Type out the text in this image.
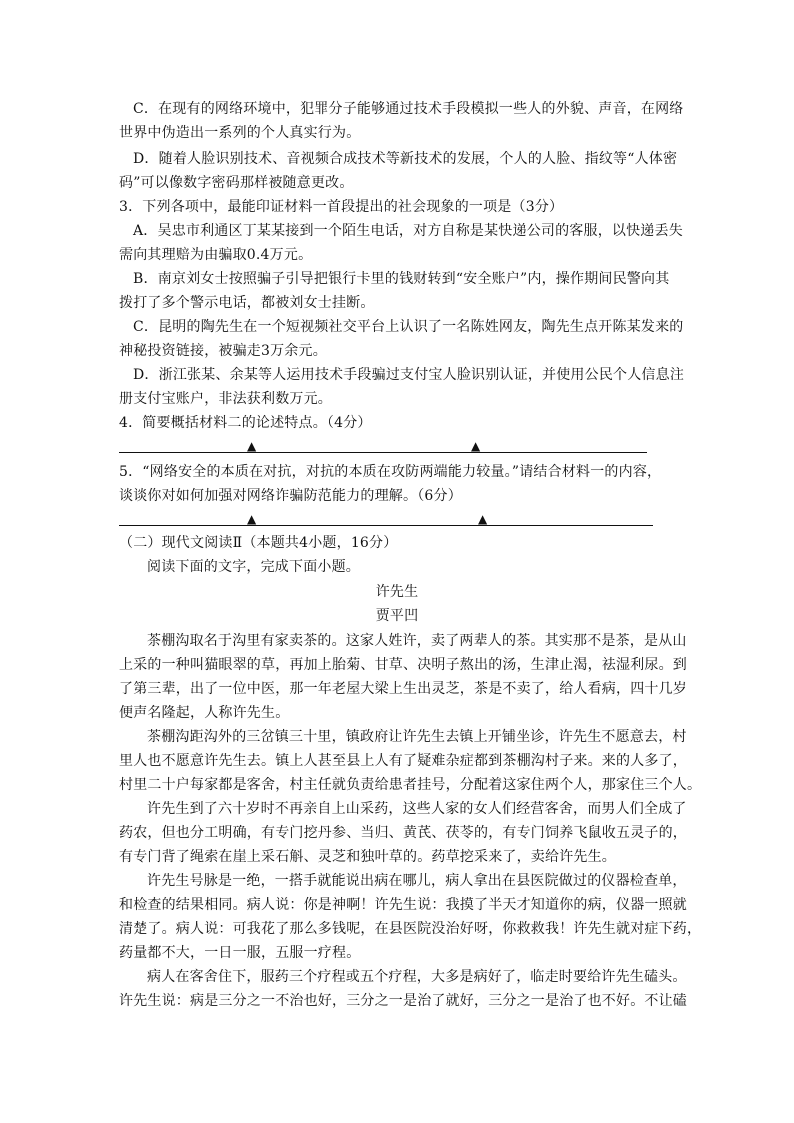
C．在现有的网络环境中，犯罪分子能够通过技术手段模拟一些人的外貌、声音，在网络
世界中伪造出一系列的个人真实行为。
D．随着人脸识别技术、音视频合成技术等新技术的发展，个人的人脸、指纹等“人体密
码”可以像数字密码那样被随意更改。
3．下列各项中，最能印证材料一首段提出的社会现象的一项是（3分）
A．吴忠市利通区丁某某接到一个陌生电话，对方自称是某快递公司的客服，以快递丢失
需向其理赔为由骗取0.4万元。
B．南京刘女士按照骗子引导把银行卡里的钱财转到“安全账户”内，操作期间民警向其
拨打了多个警示电话，都被刘女士挂断。
C．昆明的陶先生在一个短视频社交平台上认识了一名陈姓网友，陶先生点开陈某发来的
神秘投资链接，被骗走3万余元。
D．浙江张某、余某等人运用技术手段骗过支付宝人脸识别认证，并使用公民个人信息注
册支付宝账户，非法获利数万元。
4．简要概括材料二的论述特点。（4分）
▲	▲
5．“网络安全的本质在对抗，对抗的本质在攻防两端能力较量。”请结合材料一的内容，
谈谈你对如何加强对网络诈骗防范能力的理解。（6分）
▲	▲
（二）现代文阅读Ⅱ（本题共4小题，16分）
阅读下面的文字，完成下面小题。
许先生
贾平凹
茶棚沟取名于沟里有家卖茶的。这家人姓许，卖了两辈人的茶。其实那不是茶，是从山
上采的一种叫猫眼翠的草，再加上胎菊、甘草、决明子熬出的汤，生津止渴，祛湿利尿。到
了第三辈，出了一位中医，那一年老屋大梁上生出灵芝，茶是不卖了，给人看病，四十几岁
便声名隆起，人称许先生。
茶棚沟距沟外的三岔镇三十里，镇政府让许先生去镇上开铺坐诊，许先生不愿意去，村
里人也不愿意许先生去。镇上人甚至县上人有了疑难杂症都到茶棚沟村子来。来的人多了，
村里二十户每家都是客舍，村主任就负责给患者挂号，分配着这家住两个人，那家住三个人。
许先生到了六十岁时不再亲自上山采药，这些人家的女人们经营客舍，而男人们全成了
药农，但也分工明确，有专门挖丹参、当归、黄芪、茯苓的，有专门饲养飞鼠收五灵子的，
有专门背了绳索在崖上采石斛、灵芝和独叶草的。药草挖采来了，卖给许先生。
许先生号脉是一绝，一搭手就能说出病在哪儿，病人拿出在县医院做过的仪器检查单，
和检查的结果相同。病人说：你是神啊！许先生说：我摸了半天才知道你的病，仪器一照就
清楚了。病人说：可我花了那么多钱呢，在县医院没治好呀，你救救我！许先生就对症下药，
药量都不大，一日一服，五服一疗程。
病人在客舍住下，服药三个疗程或五个疗程，大多是病好了，临走时要给许先生磕头。
许先生说：病是三分之一不治也好，三分之一是治了就好，三分之一是治了也不好。不让磕
